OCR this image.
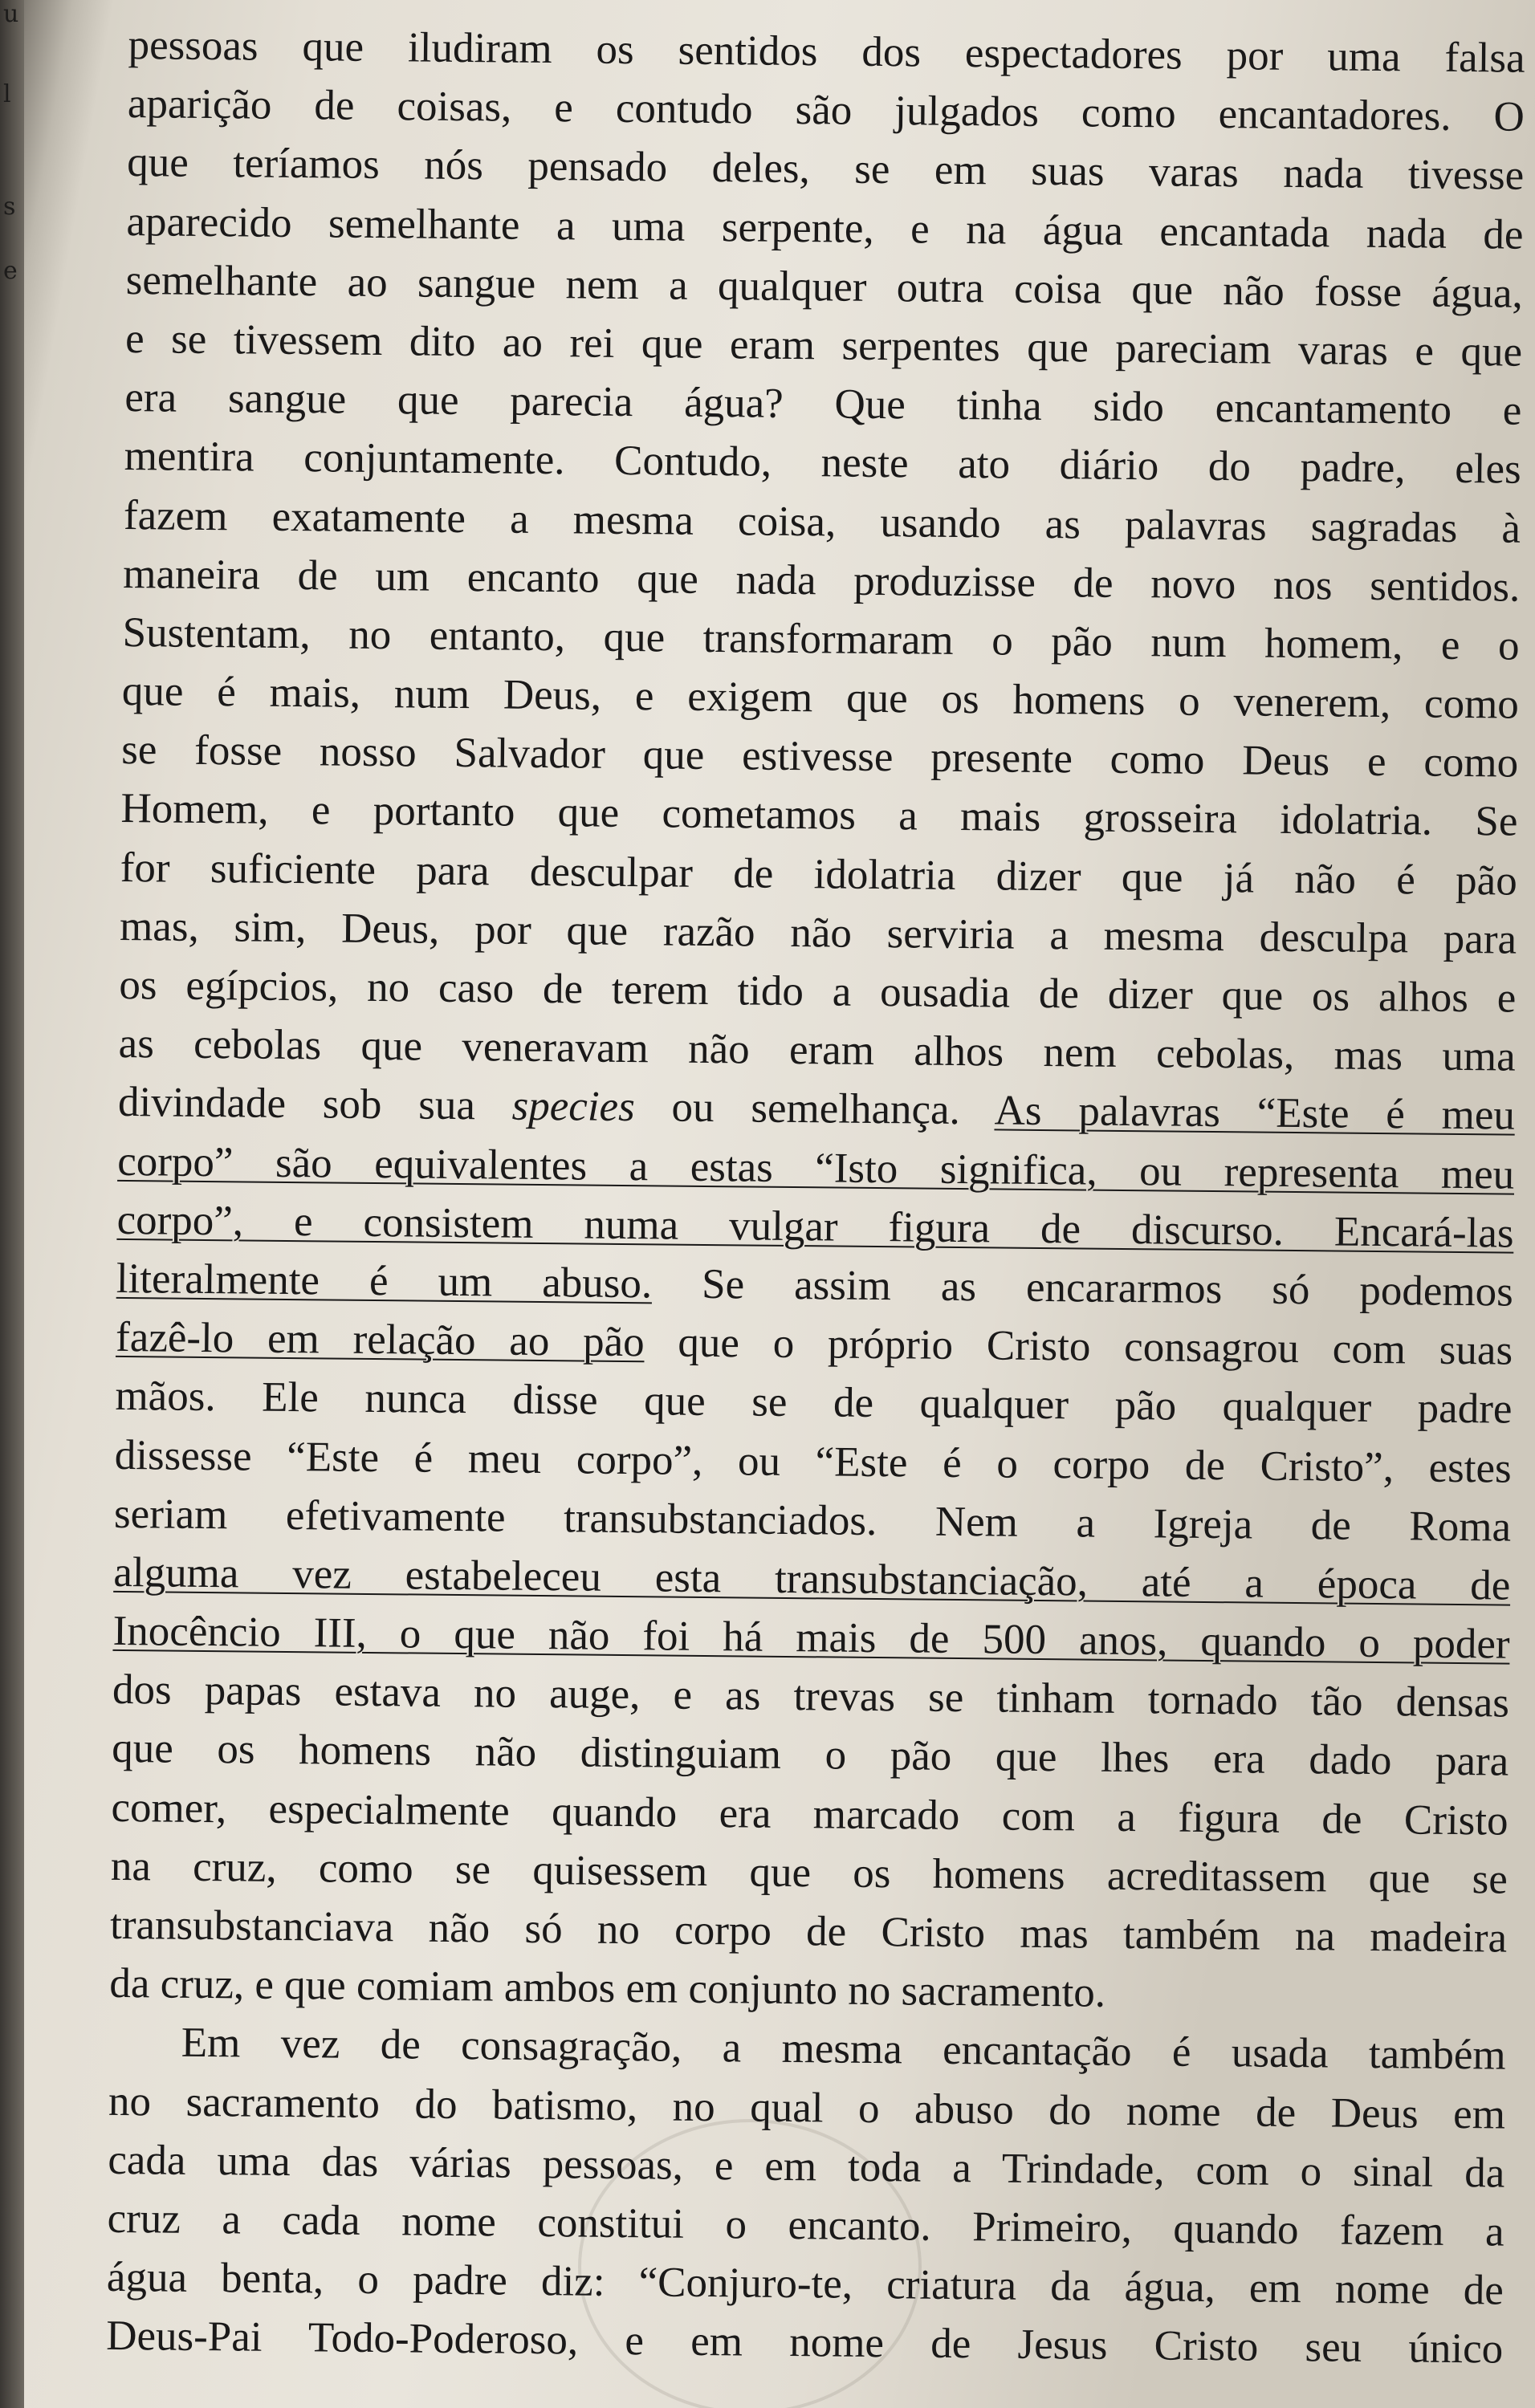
u
l
s
e
pessoas que iludiram os sentidos dos espectadores por uma falsa
aparição de coisas, e contudo são julgados como encantadores. O
que teríamos nós pensado deles, se em suas varas nada tivesse
aparecido semelhante a uma serpente, e na água encantada nada de
semelhante ao sangue nem a qualquer outra coisa que não fosse água,
e se tivessem dito ao rei que eram serpentes que pareciam varas e que
era sangue que parecia água? Que tinha sido encantamento e
mentira conjuntamente. Contudo, neste ato diário do padre, eles
fazem exatamente a mesma coisa, usando as palavras sagradas à
maneira de um encanto que nada produzisse de novo nos sentidos.
Sustentam, no entanto, que transformaram o pão num homem, e o
que é mais, num Deus, e exigem que os homens o venerem, como
se fosse nosso Salvador que estivesse presente como Deus e como
Homem, e portanto que cometamos a mais grosseira idolatria. Se
for suficiente para desculpar de idolatria dizer que já não é pão
mas, sim, Deus, por que razão não serviria a mesma desculpa para
os egípcios, no caso de terem tido a ousadia de dizer que os alhos e
as cebolas que veneravam não eram alhos nem cebolas, mas uma
divindade sob sua species ou semelhança. As palavras “Este é meu
corpo” são equivalentes a estas “Isto significa, ou representa meu
corpo”, e consistem numa vulgar figura de discurso. Encará-las
literalmente é um abuso. Se assim as encararmos só podemos
fazê-lo em relação ao pão que o próprio Cristo consagrou com suas
mãos. Ele nunca disse que se de qualquer pão qualquer padre
dissesse “Este é meu corpo”, ou “Este é o corpo de Cristo”, estes
seriam efetivamente transubstanciados. Nem a Igreja de Roma
alguma vez estabeleceu esta transubstanciação, até a época de
Inocêncio III, o que não foi há mais de 500 anos, quando o poder
dos papas estava no auge, e as trevas se tinham tornado tão densas
que os homens não distinguiam o pão que lhes era dado para
comer, especialmente quando era marcado com a figura de Cristo
na cruz, como se quisessem que os homens acreditassem que se
transubstanciava não só no corpo de Cristo mas também na madeira
da cruz, e que comiam ambos em conjunto no sacramento.
Em vez de consagração, a mesma encantação é usada também
no sacramento do batismo, no qual o abuso do nome de Deus em
cada uma das várias pessoas, e em toda a Trindade, com o sinal da
cruz a cada nome constitui o encanto. Primeiro, quando fazem a
água benta, o padre diz: “Conjuro-te, criatura da água, em nome de
Deus-Pai Todo-Poderoso, e em nome de Jesus Cristo seu único
